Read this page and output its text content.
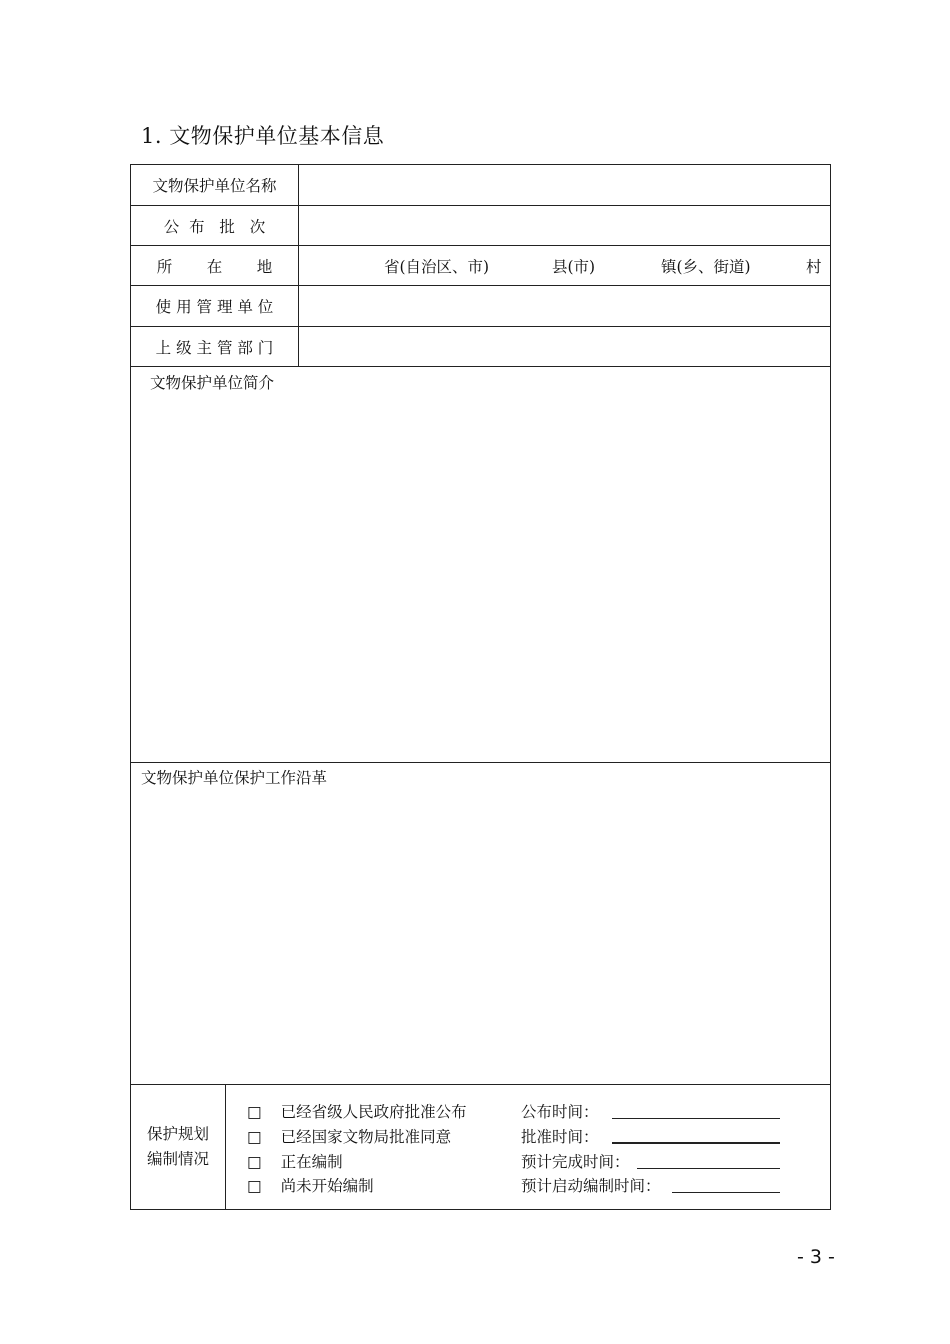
1. 文物保护单位基本信息
文物保护单位名称
公  布   批   次
所       在       地	省(自治区、市)	县(市)	镇(乡、街道)	村
使 用 管 理 单 位
上 级 主 管 部 门
文物保护单位简介
文物保护单位保护工作沿革
保护规划
编制情况
□ 已经省级人民政府批准公布	公布时间：
□ 已经国家文物局批准同意	批准时间：
□ 正在编制	预计完成时间：
□ 尚未开始编制	预计启动编制时间：
- 3 -
